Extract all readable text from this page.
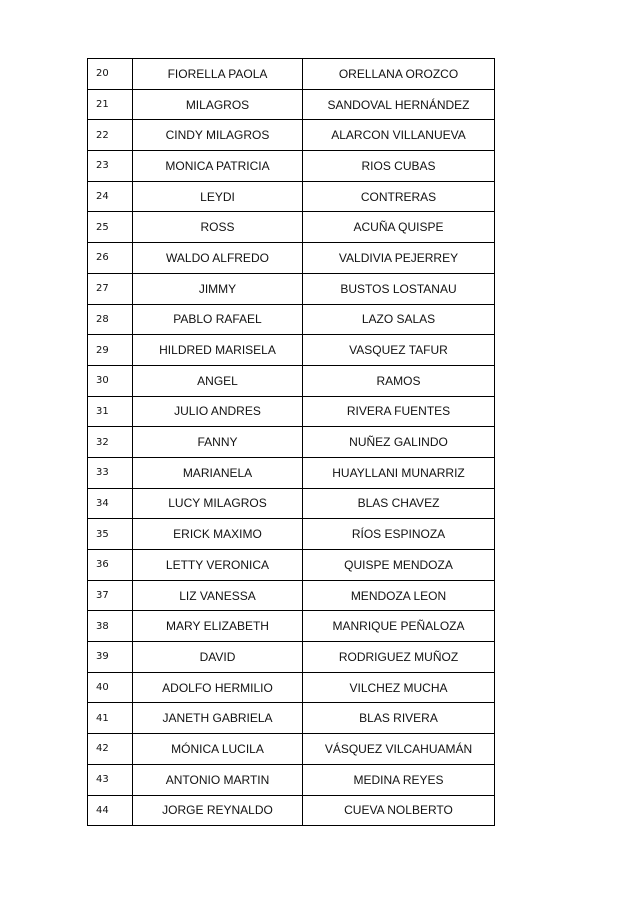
20	FIORELLA PAOLA	ORELLANA OROZCO
21	MILAGROS	SANDOVAL HERNÁNDEZ
22	CINDY MILAGROS	ALARCON VILLANUEVA
23	MONICA PATRICIA	RIOS CUBAS
24	LEYDI	CONTRERAS
25	ROSS	ACUÑA QUISPE
26	WALDO ALFREDO	VALDIVIA PEJERREY
27	JIMMY	BUSTOS LOSTANAU
28	PABLO RAFAEL	LAZO SALAS
29	HILDRED MARISELA	VASQUEZ TAFUR
30	ANGEL	RAMOS
31	JULIO ANDRES	RIVERA FUENTES
32	FANNY	NUÑEZ GALINDO
33	MARIANELA	HUAYLLANI MUNARRIZ
34	LUCY MILAGROS	BLAS CHAVEZ
35	ERICK MAXIMO	RÍOS ESPINOZA
36	LETTY VERONICA	QUISPE MENDOZA
37	LIZ VANESSA	MENDOZA LEON
38	MARY ELIZABETH	MANRIQUE PEÑALOZA
39	DAVID	RODRIGUEZ MUÑOZ
40	ADOLFO HERMILIO	VILCHEZ MUCHA
41	JANETH GABRIELA	BLAS RIVERA
42	MÓNICA LUCILA	VÁSQUEZ VILCAHUAMÁN
43	ANTONIO MARTIN	MEDINA REYES
44	JORGE REYNALDO	CUEVA NOLBERTO
